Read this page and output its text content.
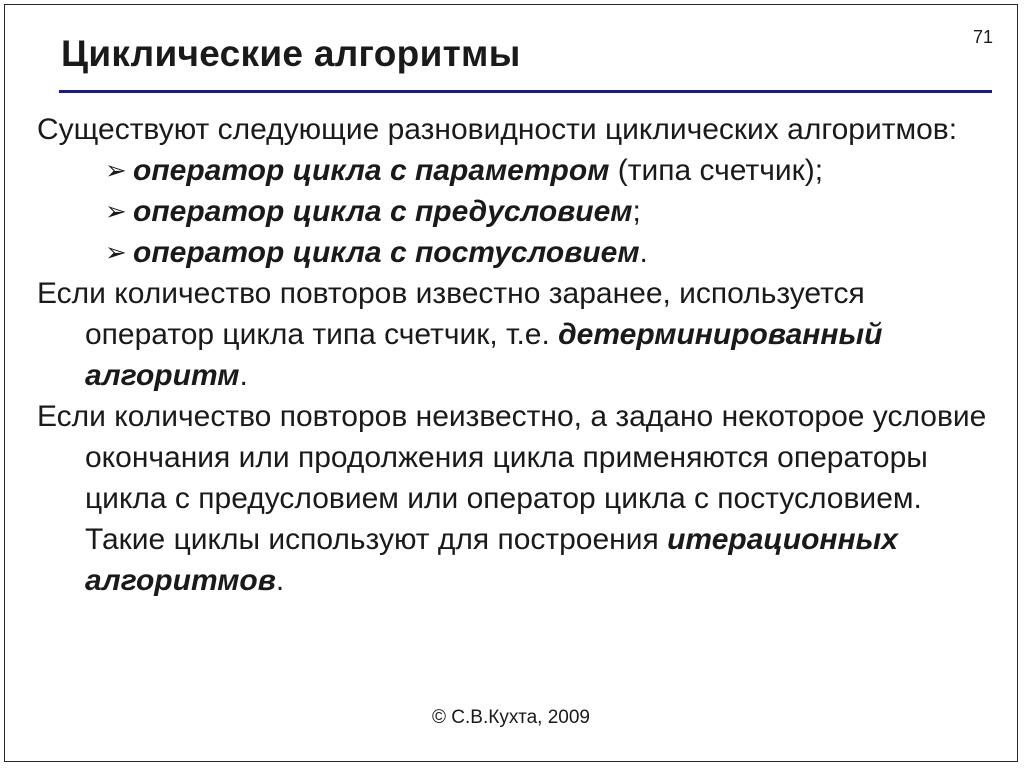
71
Циклические алгоритмы

Существуют следующие разновидности циклических алгоритмов:

➢ оператор цикла с параметром (типа счетчик);
➢ оператор цикла с предусловием;
➢ оператор цикла с постусловием.

Если количество повторов известно заранее, используется оператор цикла типа счетчик, т.е. детерминированный алгоритм.

Если количество повторов неизвестно, а задано некоторое условие окончания или продолжения цикла применяются операторы цикла с предусловием или оператор цикла с постусловием. Такие циклы используют для построения итерационных алгоритмов.

© С.В.Кухта, 2009
